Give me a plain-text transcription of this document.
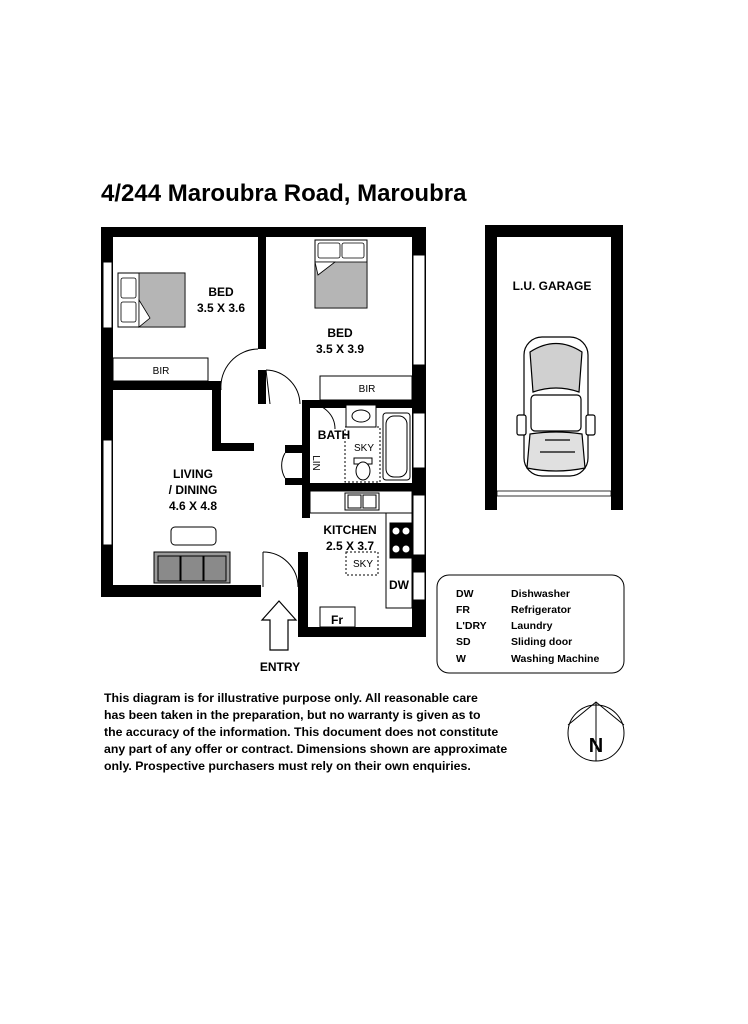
4/244 Maroubra Road, Maroubra
BED
3.5 X 3.6
BIR
BED
3.5 X 3.9
BIR
BATH
SKY
LIN
LIVING
/ DINING
4.6 X 4.8
KITCHEN
2.5 X 3.7
SKY
DW
Fr
L.U. GARAGE
ENTRY
N
DW	Dishwasher
FR	Refrigerator
L'DRY Laundry
SD	Sliding door
W	Washing Machine

This diagram is for illustrative purpose only. All reasonable care
has been taken in the preparation, but no warranty is given as to
the accuracy of the information. This document does not constitute
any part of any offer or contract. Dimensions shown are approximate
only. Prospective purchasers must rely on their own enquiries.
